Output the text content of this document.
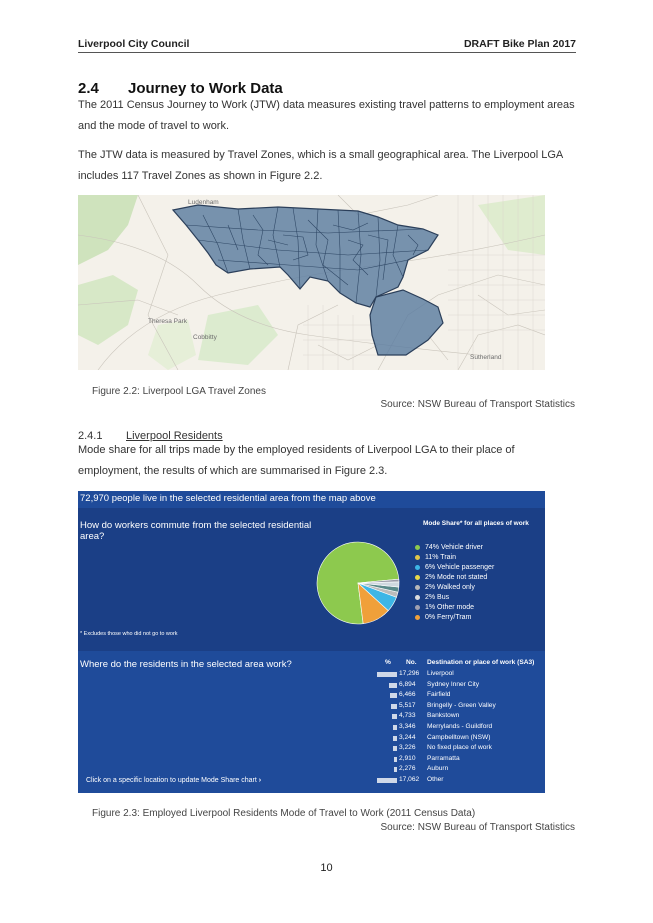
Liverpool City Council	DRAFT Bike Plan 2017
2.4 Journey to Work Data
The 2011 Census Journey to Work (JTW) data measures existing travel patterns to employment areas and the mode of travel to work.
The JTW data is measured by Travel Zones, which is a small geographical area. The Liverpool LGA includes 117 Travel Zones as shown in Figure 2.2.
Ludenham
Theresa Park
Cobbitty
Sutherland
Figure 2.2: Liverpool LGA Travel Zones
Source: NSW Bureau of Transport Statistics
2.4.1 Liverpool Residents
Mode share for all trips made by the employed residents of Liverpool LGA to their place of employment, the results of which are summarised in Figure 2.3.
72,970 people live in the selected residential area from the map above
How do workers commute from the selected residential area?
Mode Share* for all places of work
74% Vehicle driver
11% Train
6% Vehicle passenger
2% Mode not stated
2% Walked only
2% Bus
1% Other mode
0% Ferry/Tram
* Excludes those who did not go to work
Where do the residents in the selected area work?	% No. Destination or place of work (SA3)
17,296 Liverpool
6,894 Sydney Inner City
6,466 Fairfield
5,517 Bringelly - Green Valley
4,733 Bankstown
3,346 Merrylands - Guildford
3,244 Campbelltown (NSW)
3,226 No fixed place of work
2,910 Parramatta
2,276 Auburn
17,062 Other
Click on a specific location to update Mode Share chart ›
Figure 2.3: Employed Liverpool Residents Mode of Travel to Work (2011 Census Data)
Source: NSW Bureau of Transport Statistics
10
